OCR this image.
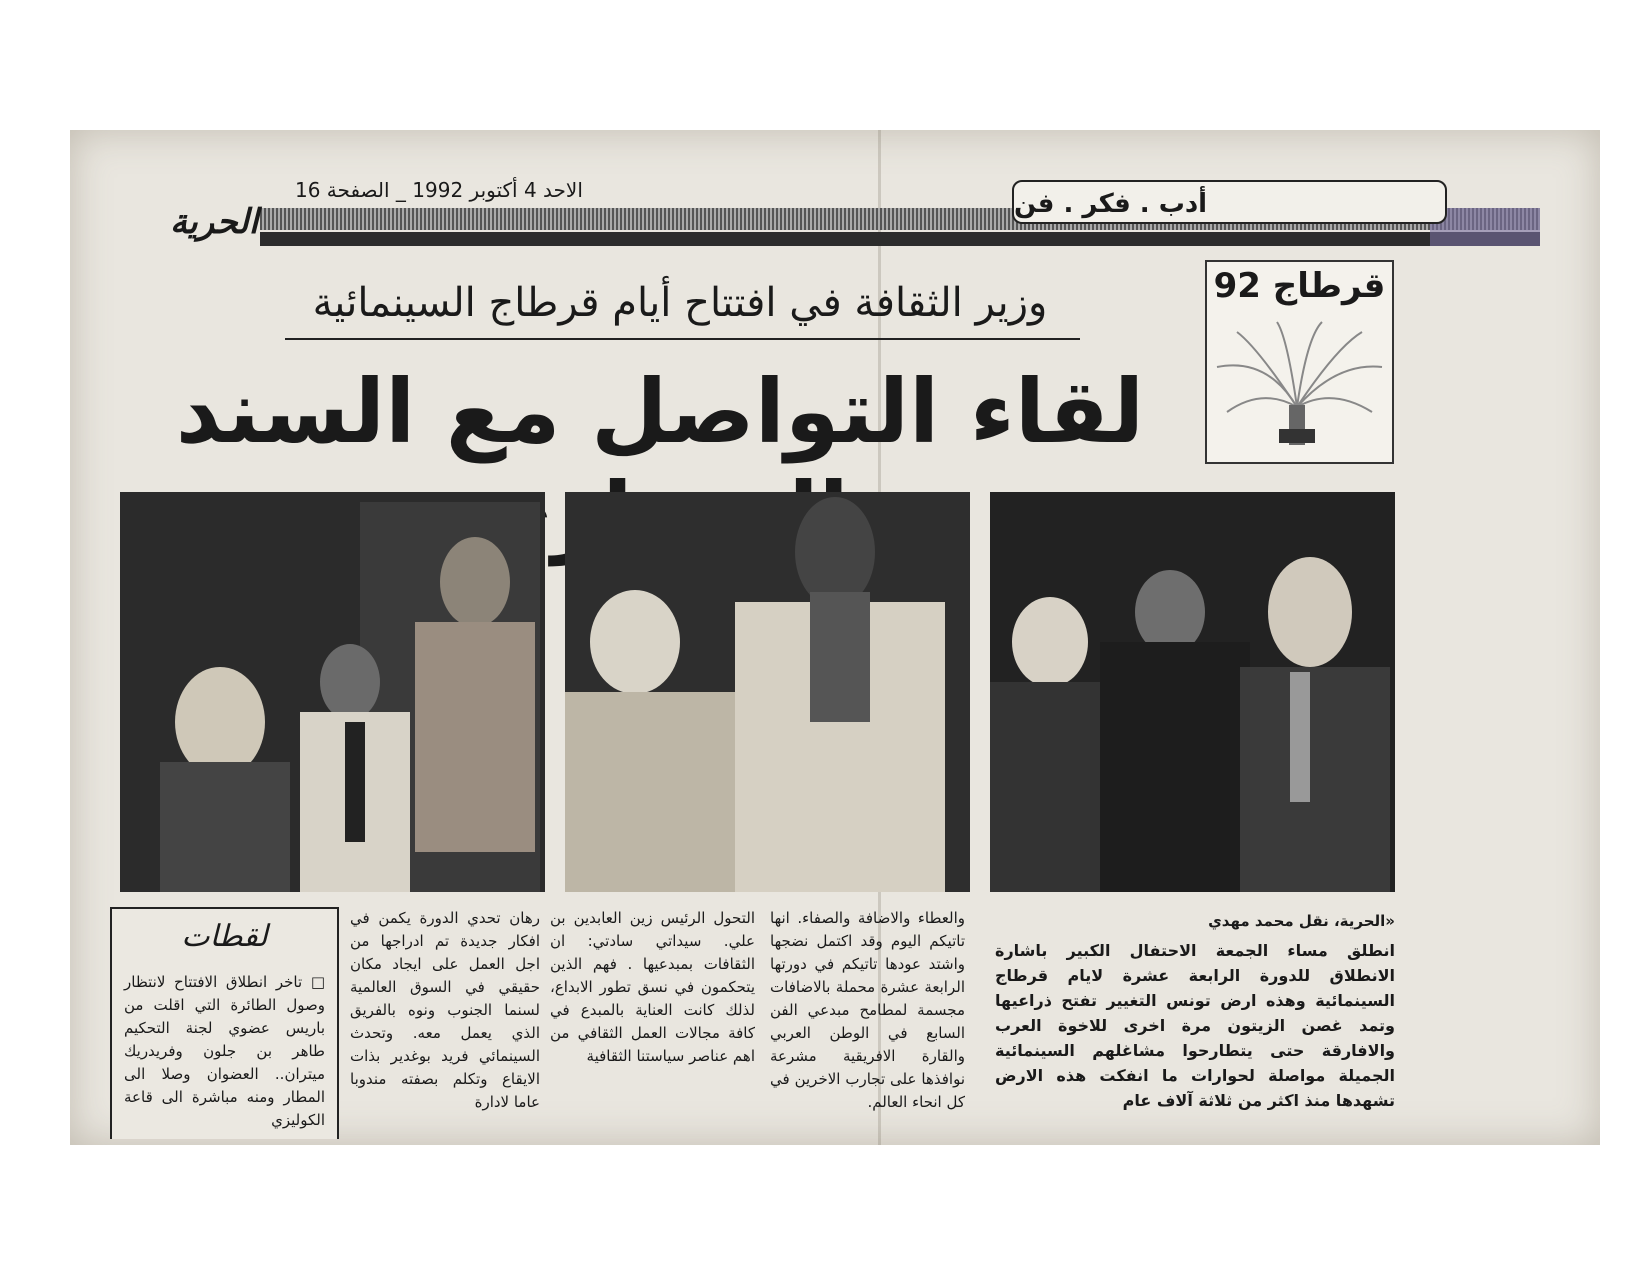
أدب . فكر . فن
الاحد 4 أكتوبر 1992 _ الصفحة 16
الحرية
وزير الثقافة في افتتاح أيام قرطاج السينمائية
لقاء التواصل مع السند
قرطاج 92
«الحرية، نقل محمد مهدي
انطلق مساء الجمعة الاحتفال الكبير باشارة الانطلاق للدورة الرابعة عشرة لايام قرطاج السينمائية وهذه ارض تونس التغيير تفتح ذراعيها وتمد غصن الزيتون مرة اخرى للاخوة العرب والافارقة حتى يتطارحوا مشاغلهم السينمائية الجميلة مواصلة لحوارات ما انفكت هذه الارض تشهدها منذ اكثر من ثلاثة آلاف عام
والعطاء والاضافة والصفاء. انها تاتيكم اليوم وقد اكتمل نضجها واشتد عودها تاتيكم في دورتها الرابعة عشرة محملة بالاضافات مجسمة لمطامح مبدعي الفن السابع في الوطن العربي والقارة الافريقية مشرعة نوافذها على تجارب الاخرين في كل انحاء العالم.
التحول الرئيس زين العابدين بن علي. سيداتي سادتي: ان الثقافات بمبدعيها . فهم الذين يتحكمون في نسق تطور الابداع، لذلك كانت العناية بالمبدع في كافة مجالات العمل الثقافي من اهم عناصر سياستنا الثقافية
رهان تحدي الدورة يكمن في افكار جديدة تم ادراجها من اجل العمل على ايجاد مكان حقيقي في السوق العالمية لسنما الجنوب ونوه بالفريق الذي يعمل معه. وتحدث السينمائي فريد بوغدير بذات الايقاع وتكلم بصفته مندوبا عاما لادارة
لقطات
□ تاخر انطلاق الافتتاح لانتظار وصول الطائرة التي اقلت من باريس عضوي لجنة التحكيم طاهر بن جلون وفريدريك ميتران.. العضوان وصلا الى المطار ومنه مباشرة الى قاعة الكوليزي
